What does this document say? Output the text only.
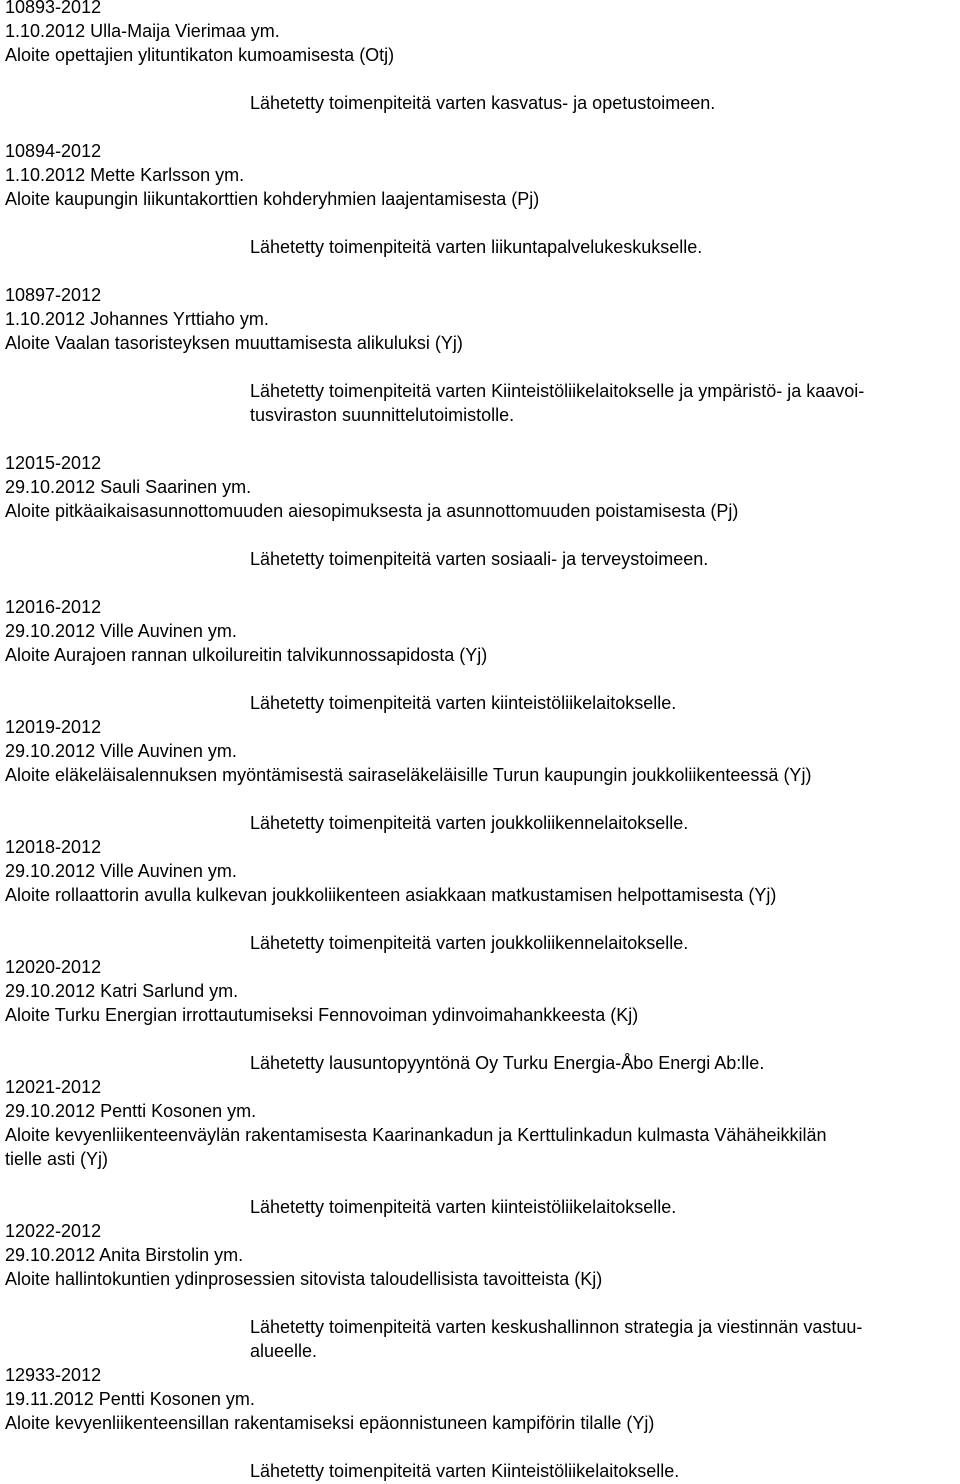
10893-2012
1.10.2012 Ulla-Maija Vierimaa ym.
Aloite opettajien ylituntikaton kumoamisesta (Otj)
Lähetetty toimenpiteitä varten kasvatus- ja opetustoimeen.
10894-2012
1.10.2012 Mette Karlsson ym.
Aloite kaupungin liikuntakorttien kohderyhmien laajentamisesta (Pj)
Lähetetty toimenpiteitä varten liikuntapalvelukeskukselle.
10897-2012
1.10.2012 Johannes Yrttiaho ym.
Aloite Vaalan tasoristeyksen muuttamisesta alikuluksi (Yj)
Lähetetty toimenpiteitä varten Kiinteistöliikelaitokselle ja ympäristö- ja kaavoi-
tusviraston suunnittelutoimistolle.
12015-2012
29.10.2012 Sauli Saarinen ym.
Aloite pitkäaikaisasunnottomuuden aiesopimuksesta ja asunnottomuuden poistamisesta (Pj)
Lähetetty toimenpiteitä varten sosiaali- ja terveystoimeen.
12016-2012
29.10.2012 Ville Auvinen ym.
Aloite Aurajoen rannan ulkoilureitin talvikunnossapidosta (Yj)
Lähetetty toimenpiteitä varten kiinteistöliikelaitokselle.
12019-2012
29.10.2012 Ville Auvinen ym.
Aloite eläkeläisalennuksen myöntämisestä sairaseläkeläisille Turun kaupungin joukkoliikenteessä (Yj)
Lähetetty toimenpiteitä varten joukkoliikennelaitokselle.
12018-2012
29.10.2012 Ville Auvinen ym.
Aloite rollaattorin avulla kulkevan joukkoliikenteen asiakkaan matkustamisen helpottamisesta (Yj)
Lähetetty toimenpiteitä varten joukkoliikennelaitokselle.
12020-2012
29.10.2012 Katri Sarlund ym.
Aloite Turku Energian irrottautumiseksi Fennovoiman ydinvoimahankkeesta (Kj)
Lähetetty lausuntopyyntönä Oy Turku Energia-Åbo Energi Ab:lle.
12021-2012
29.10.2012 Pentti Kosonen ym.
Aloite kevyenliikenteenväylän rakentamisesta Kaarinankadun ja Kerttulinkadun kulmasta Vähäheikkilän
tielle asti (Yj)
Lähetetty toimenpiteitä varten kiinteistöliikelaitokselle.
12022-2012
29.10.2012 Anita Birstolin ym.
Aloite hallintokuntien ydinprosessien sitovista taloudellisista tavoitteista (Kj)
Lähetetty toimenpiteitä varten keskushallinnon strategia ja viestinnän vastuu-
alueelle.
12933-2012
19.11.2012 Pentti Kosonen ym.
Aloite kevyenliikenteensillan rakentamiseksi epäonnistuneen kampiförin tilalle (Yj)
Lähetetty toimenpiteitä varten Kiinteistöliikelaitokselle.
